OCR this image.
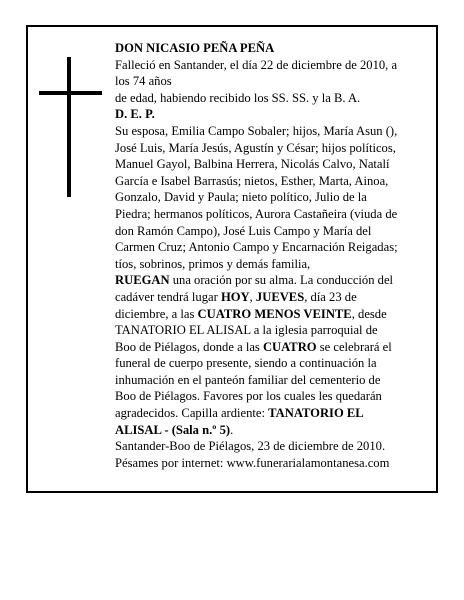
DON NICASIO PEÑA PEÑA
Falleció en Santander, el día 22 de diciembre de 2010, a
los 74 años
de edad, habiendo recibido los SS. SS. y la B. A.
D. E. P.
Su esposa, Emilia Campo Sobaler; hijos, María Asun (),
José Luis, María Jesús, Agustín y César; hijos políticos,
Manuel Gayol, Balbina Herrera, Nicolás Calvo, Natalí
García e Isabel Barrasús; nietos, Esther, Marta, Ainoa,
Gonzalo, David y Paula; nieto político, Julio de la
Piedra; hermanos políticos, Aurora Castañeira (viuda de
don Ramón Campo), José Luis Campo y María del
Carmen Cruz; Antonio Campo y Encarnación Reigadas;
tíos, sobrinos, primos y demás familia,
RUEGAN una oración por su alma. La conducción del
cadáver tendrá lugar HOY, JUEVES, día 23 de
diciembre, a las CUATRO MENOS VEINTE, desde
TANATORIO EL ALISAL a la iglesia parroquial de
Boo de Piélagos, donde a las CUATRO se celebrará el
funeral de cuerpo presente, siendo a continuación la
inhumación en el panteón familiar del cementerio de
Boo de Piélagos. Favores por los cuales les quedarán
agradecidos. Capilla ardiente: TANATORIO EL
ALISAL - (Sala n.º 5).
Santander-Boo de Piélagos, 23 de diciembre de 2010.
Pésames por internet: www.funerarialamontanesa.com
